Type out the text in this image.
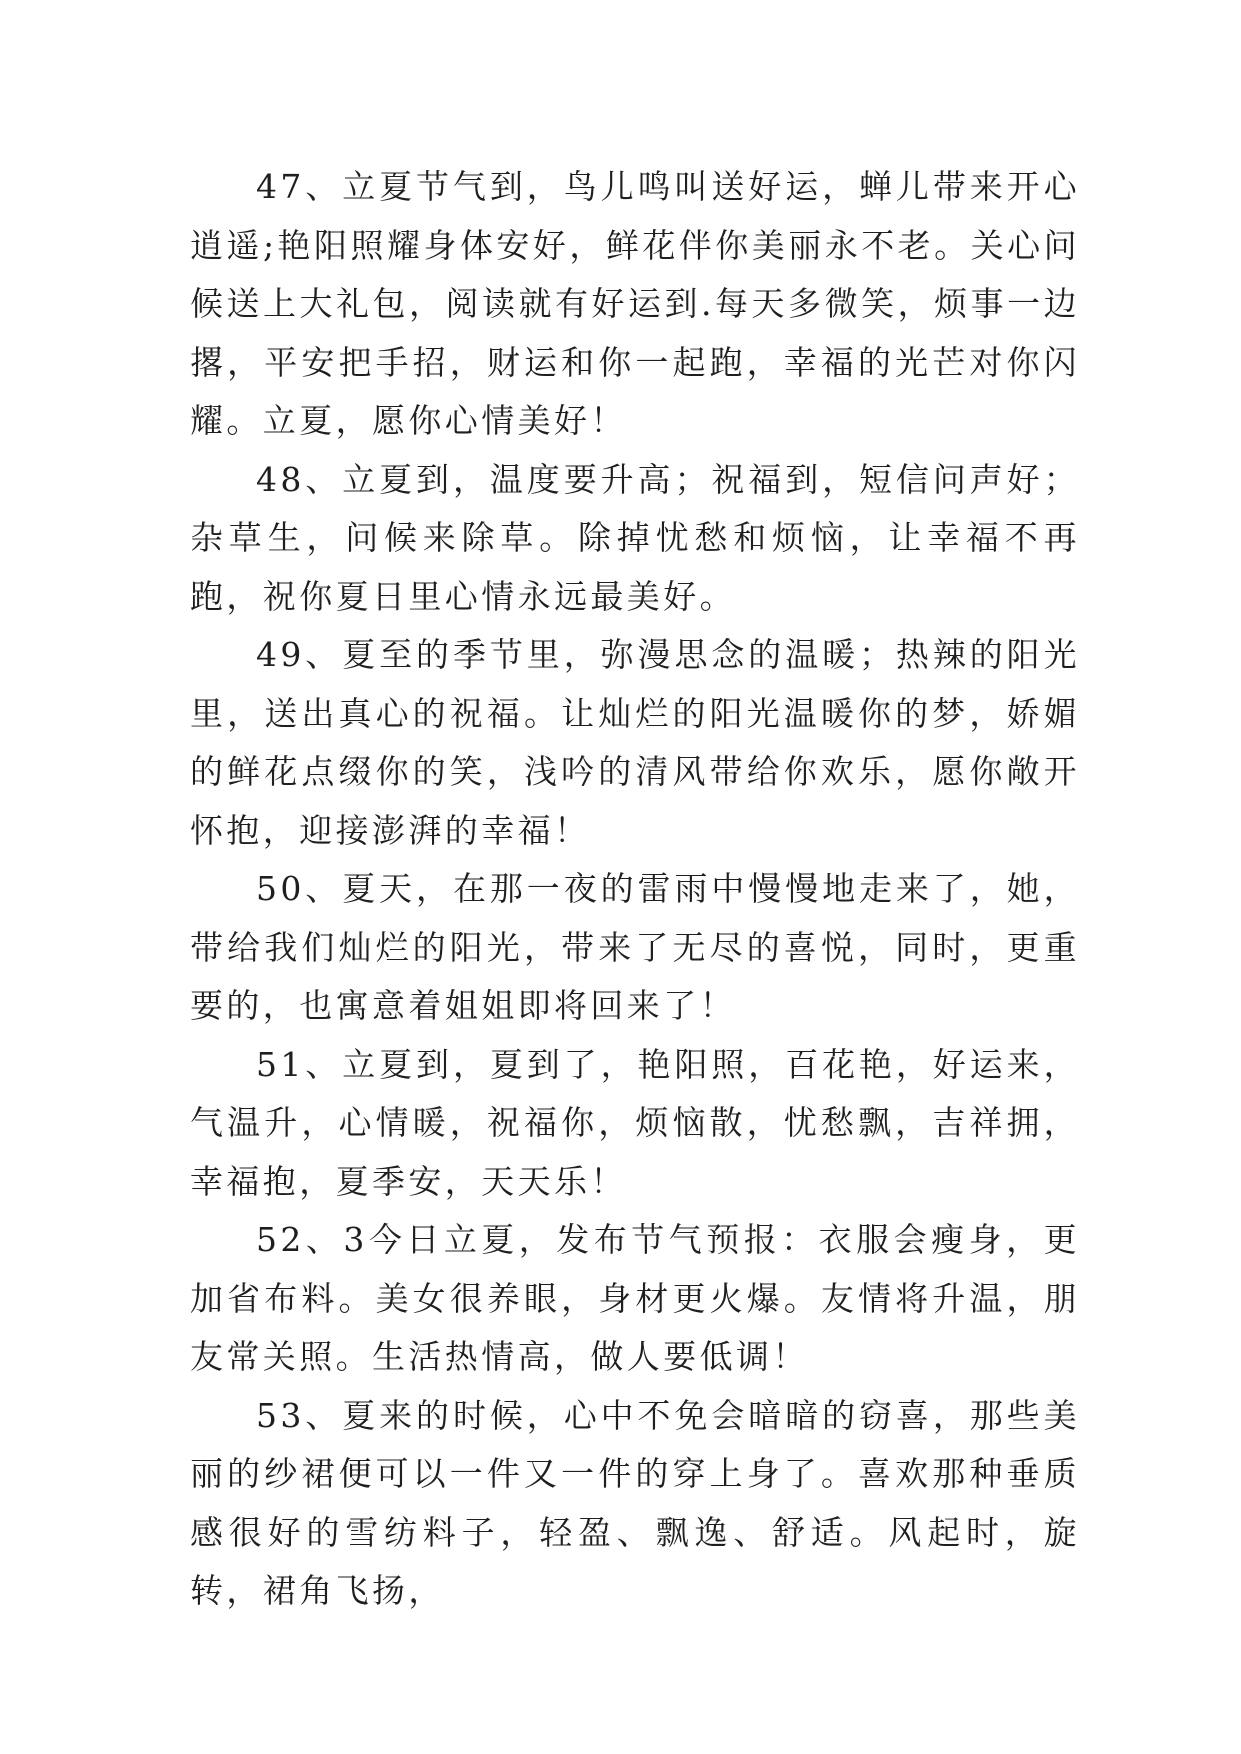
47、立夏节气到，鸟儿鸣叫送好运，蝉儿带来开心逍遥;艳阳照耀身体安好，鲜花伴你美丽永不老。关心问候送上大礼包，阅读就有好运到.每天多微笑，烦事一边撂，平安把手招，财运和你一起跑，幸福的光芒对你闪耀。立夏，愿你心情美好！

48、立夏到，温度要升高；祝福到，短信问声好；杂草生，问候来除草。除掉忧愁和烦恼，让幸福不再跑，祝你夏日里心情永远最美好。

49、夏至的季节里，弥漫思念的温暖；热辣的阳光里，送出真心的祝福。让灿烂的阳光温暖你的梦，娇媚的鲜花点缀你的笑，浅吟的清风带给你欢乐，愿你敞开怀抱，迎接澎湃的幸福！

50、夏天，在那一夜的雷雨中慢慢地走来了，她，带给我们灿烂的阳光，带来了无尽的喜悦，同时，更重要的，也寓意着姐姐即将回来了！

51、立夏到，夏到了，艳阳照，百花艳，好运来，气温升，心情暖，祝福你，烦恼散，忧愁飘，吉祥拥，幸福抱，夏季安，天天乐！

52、3今日立夏，发布节气预报：衣服会瘦身，更加省布料。美女很养眼，身材更火爆。友情将升温，朋友常关照。生活热情高，做人要低调！

53、夏来的时候，心中不免会暗暗的窃喜，那些美丽的纱裙便可以一件又一件的穿上身了。喜欢那种垂质感很好的雪纺料子，轻盈、飘逸、舒适。风起时，旋转，裙角飞扬，
